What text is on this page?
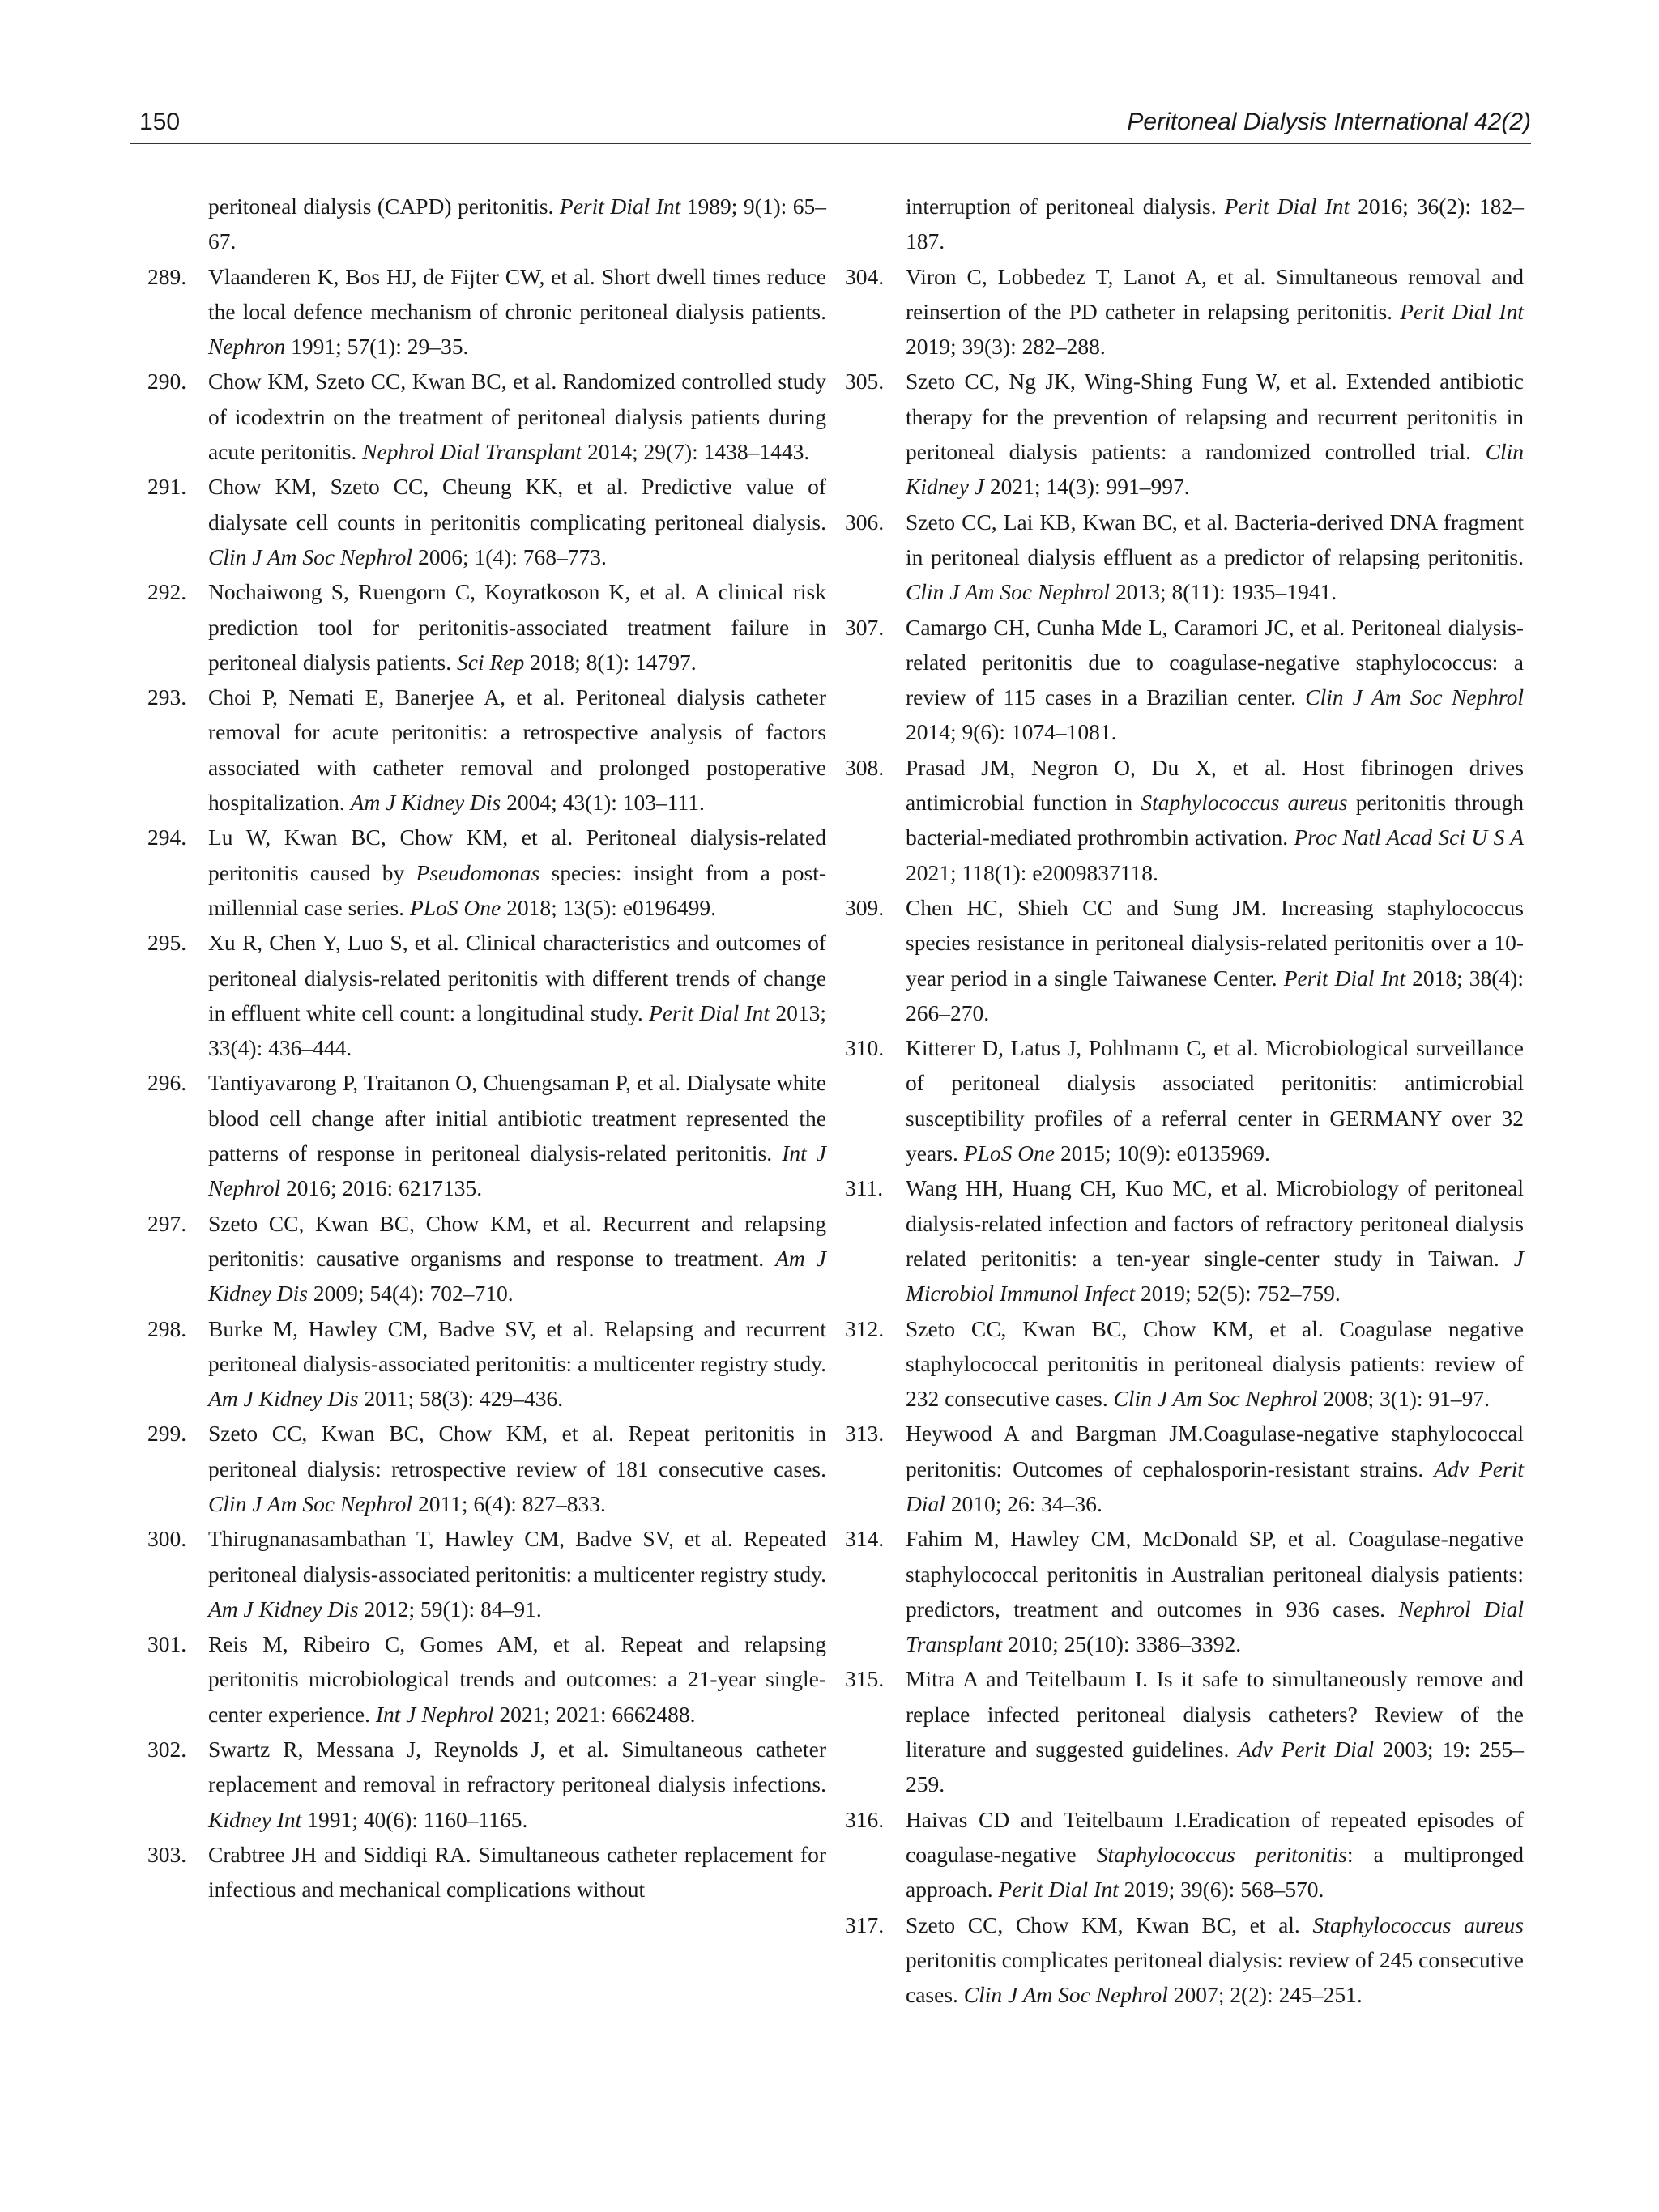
150	Peritoneal Dialysis International 42(2)
peritoneal dialysis (CAPD) peritonitis. Perit Dial Int 1989; 9(1): 65–67.
289. Vlaanderen K, Bos HJ, de Fijter CW, et al. Short dwell times reduce the local defence mechanism of chronic peritoneal dialysis patients. Nephron 1991; 57(1): 29–35.
290. Chow KM, Szeto CC, Kwan BC, et al. Randomized controlled study of icodextrin on the treatment of peritoneal dialysis patients during acute peritonitis. Nephrol Dial Transplant 2014; 29(7): 1438–1443.
291. Chow KM, Szeto CC, Cheung KK, et al. Predictive value of dialysate cell counts in peritonitis complicating peritoneal dialysis. Clin J Am Soc Nephrol 2006; 1(4): 768–773.
292. Nochaiwong S, Ruengorn C, Koyratkoson K, et al. A clinical risk prediction tool for peritonitis-associated treatment failure in peritoneal dialysis patients. Sci Rep 2018; 8(1): 14797.
293. Choi P, Nemati E, Banerjee A, et al. Peritoneal dialysis catheter removal for acute peritonitis: a retrospective analysis of factors associated with catheter removal and prolonged postoperative hospitalization. Am J Kidney Dis 2004; 43(1): 103–111.
294. Lu W, Kwan BC, Chow KM, et al. Peritoneal dialysis-related peritonitis caused by Pseudomonas species: insight from a post-millennial case series. PLoS One 2018; 13(5): e0196499.
295. Xu R, Chen Y, Luo S, et al. Clinical characteristics and outcomes of peritoneal dialysis-related peritonitis with different trends of change in effluent white cell count: a longitudinal study. Perit Dial Int 2013; 33(4): 436–444.
296. Tantiyavarong P, Traitanon O, Chuengsaman P, et al. Dialysate white blood cell change after initial antibiotic treatment represented the patterns of response in peritoneal dialysis-related peritonitis. Int J Nephrol 2016; 2016: 6217135.
297. Szeto CC, Kwan BC, Chow KM, et al. Recurrent and relapsing peritonitis: causative organisms and response to treatment. Am J Kidney Dis 2009; 54(4): 702–710.
298. Burke M, Hawley CM, Badve SV, et al. Relapsing and recurrent peritoneal dialysis-associated peritonitis: a multicenter registry study. Am J Kidney Dis 2011; 58(3): 429–436.
299. Szeto CC, Kwan BC, Chow KM, et al. Repeat peritonitis in peritoneal dialysis: retrospective review of 181 consecutive cases. Clin J Am Soc Nephrol 2011; 6(4): 827–833.
300. Thirugnanasambathan T, Hawley CM, Badve SV, et al. Repeated peritoneal dialysis-associated peritonitis: a multicenter registry study. Am J Kidney Dis 2012; 59(1): 84–91.
301. Reis M, Ribeiro C, Gomes AM, et al. Repeat and relapsing peritonitis microbiological trends and outcomes: a 21-year single-center experience. Int J Nephrol 2021; 2021: 6662488.
302. Swartz R, Messana J, Reynolds J, et al. Simultaneous catheter replacement and removal in refractory peritoneal dialysis infections. Kidney Int 1991; 40(6): 1160–1165.
303. Crabtree JH and Siddiqi RA. Simultaneous catheter replacement for infectious and mechanical complications without
interruption of peritoneal dialysis. Perit Dial Int 2016; 36(2): 182–187.
304. Viron C, Lobbedez T, Lanot A, et al. Simultaneous removal and reinsertion of the PD catheter in relapsing peritonitis. Perit Dial Int 2019; 39(3): 282–288.
305. Szeto CC, Ng JK, Wing-Shing Fung W, et al. Extended antibiotic therapy for the prevention of relapsing and recurrent peritonitis in peritoneal dialysis patients: a randomized controlled trial. Clin Kidney J 2021; 14(3): 991–997.
306. Szeto CC, Lai KB, Kwan BC, et al. Bacteria-derived DNA fragment in peritoneal dialysis effluent as a predictor of relapsing peritonitis. Clin J Am Soc Nephrol 2013; 8(11): 1935–1941.
307. Camargo CH, Cunha Mde L, Caramori JC, et al. Peritoneal dialysis-related peritonitis due to coagulase-negative staphylococcus: a review of 115 cases in a Brazilian center. Clin J Am Soc Nephrol 2014; 9(6): 1074–1081.
308. Prasad JM, Negron O, Du X, et al. Host fibrinogen drives antimicrobial function in Staphylococcus aureus peritonitis through bacterial-mediated prothrombin activation. Proc Natl Acad Sci U S A 2021; 118(1): e2009837118.
309. Chen HC, Shieh CC and Sung JM. Increasing staphylococcus species resistance in peritoneal dialysis-related peritonitis over a 10-year period in a single Taiwanese Center. Perit Dial Int 2018; 38(4): 266–270.
310. Kitterer D, Latus J, Pohlmann C, et al. Microbiological surveillance of peritoneal dialysis associated peritonitis: antimicrobial susceptibility profiles of a referral center in GERMANY over 32 years. PLoS One 2015; 10(9): e0135969.
311. Wang HH, Huang CH, Kuo MC, et al. Microbiology of peritoneal dialysis-related infection and factors of refractory peritoneal dialysis related peritonitis: a ten-year single-center study in Taiwan. J Microbiol Immunol Infect 2019; 52(5): 752–759.
312. Szeto CC, Kwan BC, Chow KM, et al. Coagulase negative staphylococcal peritonitis in peritoneal dialysis patients: review of 232 consecutive cases. Clin J Am Soc Nephrol 2008; 3(1): 91–97.
313. Heywood A and Bargman JM.Coagulase-negative staphylococcal peritonitis: Outcomes of cephalosporin-resistant strains. Adv Perit Dial 2010; 26: 34–36.
314. Fahim M, Hawley CM, McDonald SP, et al. Coagulase-negative staphylococcal peritonitis in Australian peritoneal dialysis patients: predictors, treatment and outcomes in 936 cases. Nephrol Dial Transplant 2010; 25(10): 3386–3392.
315. Mitra A and Teitelbaum I. Is it safe to simultaneously remove and replace infected peritoneal dialysis catheters? Review of the literature and suggested guidelines. Adv Perit Dial 2003; 19: 255–259.
316. Haivas CD and Teitelbaum I.Eradication of repeated episodes of coagulase-negative Staphylococcus peritonitis: a multipronged approach. Perit Dial Int 2019; 39(6): 568–570.
317. Szeto CC, Chow KM, Kwan BC, et al. Staphylococcus aureus peritonitis complicates peritoneal dialysis: review of 245 consecutive cases. Clin J Am Soc Nephrol 2007; 2(2): 245–251.
